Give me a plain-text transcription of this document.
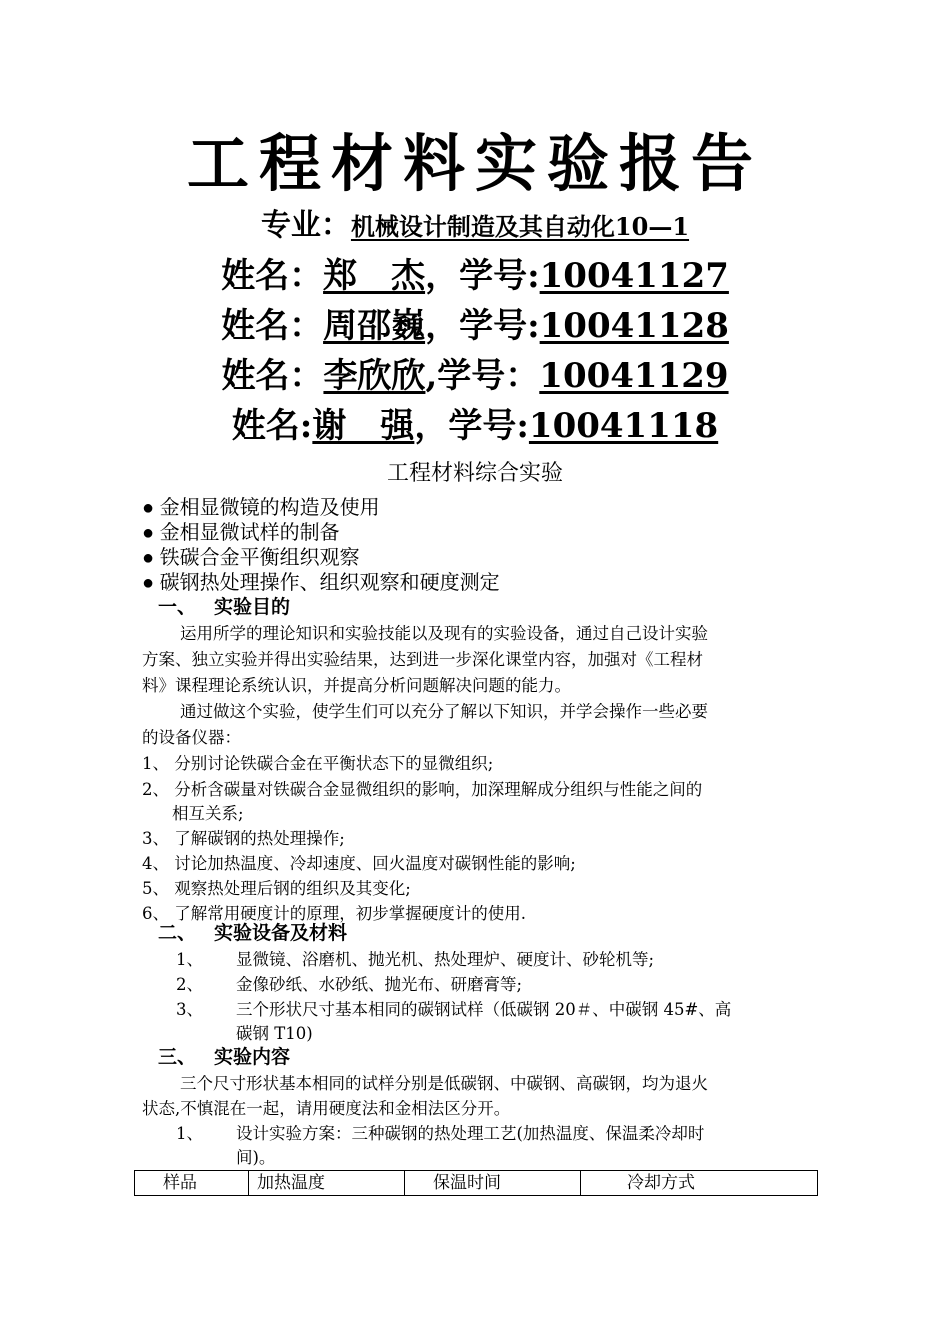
工程材料实验报告
专业：机械设计制造及其自动化10—1
姓名：郑　杰，学号:10041127
姓名：周邵巍，学号:10041128
姓名：李欣欣,学号：10041129
姓名:谢　强，学号:10041118
工程材料综合实验
● 金相显微镜的构造及使用
● 金相显微试样的制备
● 铁碳合金平衡组织观察
● 碳钢热处理操作、组织观察和硬度测定
一、 实验目的
运用所学的理论知识和实验技能以及现有的实验设备，通过自己设计实验
方案、独立实验并得出实验结果，达到进一步深化课堂内容，加强对《工程材
料》课程理论系统认识，并提高分析问题解决问题的能力。
通过做这个实验，使学生们可以充分了解以下知识，并学会操作一些必要
的设备仪器：
1、 分别讨论铁碳合金在平衡状态下的显微组织;
2、 分析含碳量对铁碳合金显微组织的影响，加深理解成分组织与性能之间的
相互关系;
3、 了解碳钢的热处理操作;
4、 讨论加热温度、冷却速度、回火温度对碳钢性能的影响;
5、 观察热处理后钢的组织及其变化;
6、 了解常用硬度计的原理，初步掌握硬度计的使用.
二、 实验设备及材料
1、 显微镜、浴磨机、抛光机、热处理炉、硬度计、砂轮机等;
2、 金像砂纸、水砂纸、抛光布、研磨膏等;
3、 三个形状尺寸基本相同的碳钢试样（低碳钢 20＃、中碳钢 45#、高
碳钢 T10)
三、 实验内容
三个尺寸形状基本相同的试样分别是低碳钢、中碳钢、高碳钢，均为退火
状态,不慎混在一起，请用硬度法和金相法区分开。
1、 设计实验方案：三种碳钢的热处理工艺(加热温度、保温柔冷却时
间)。
样品	加热温度	保温时间	冷却方式
